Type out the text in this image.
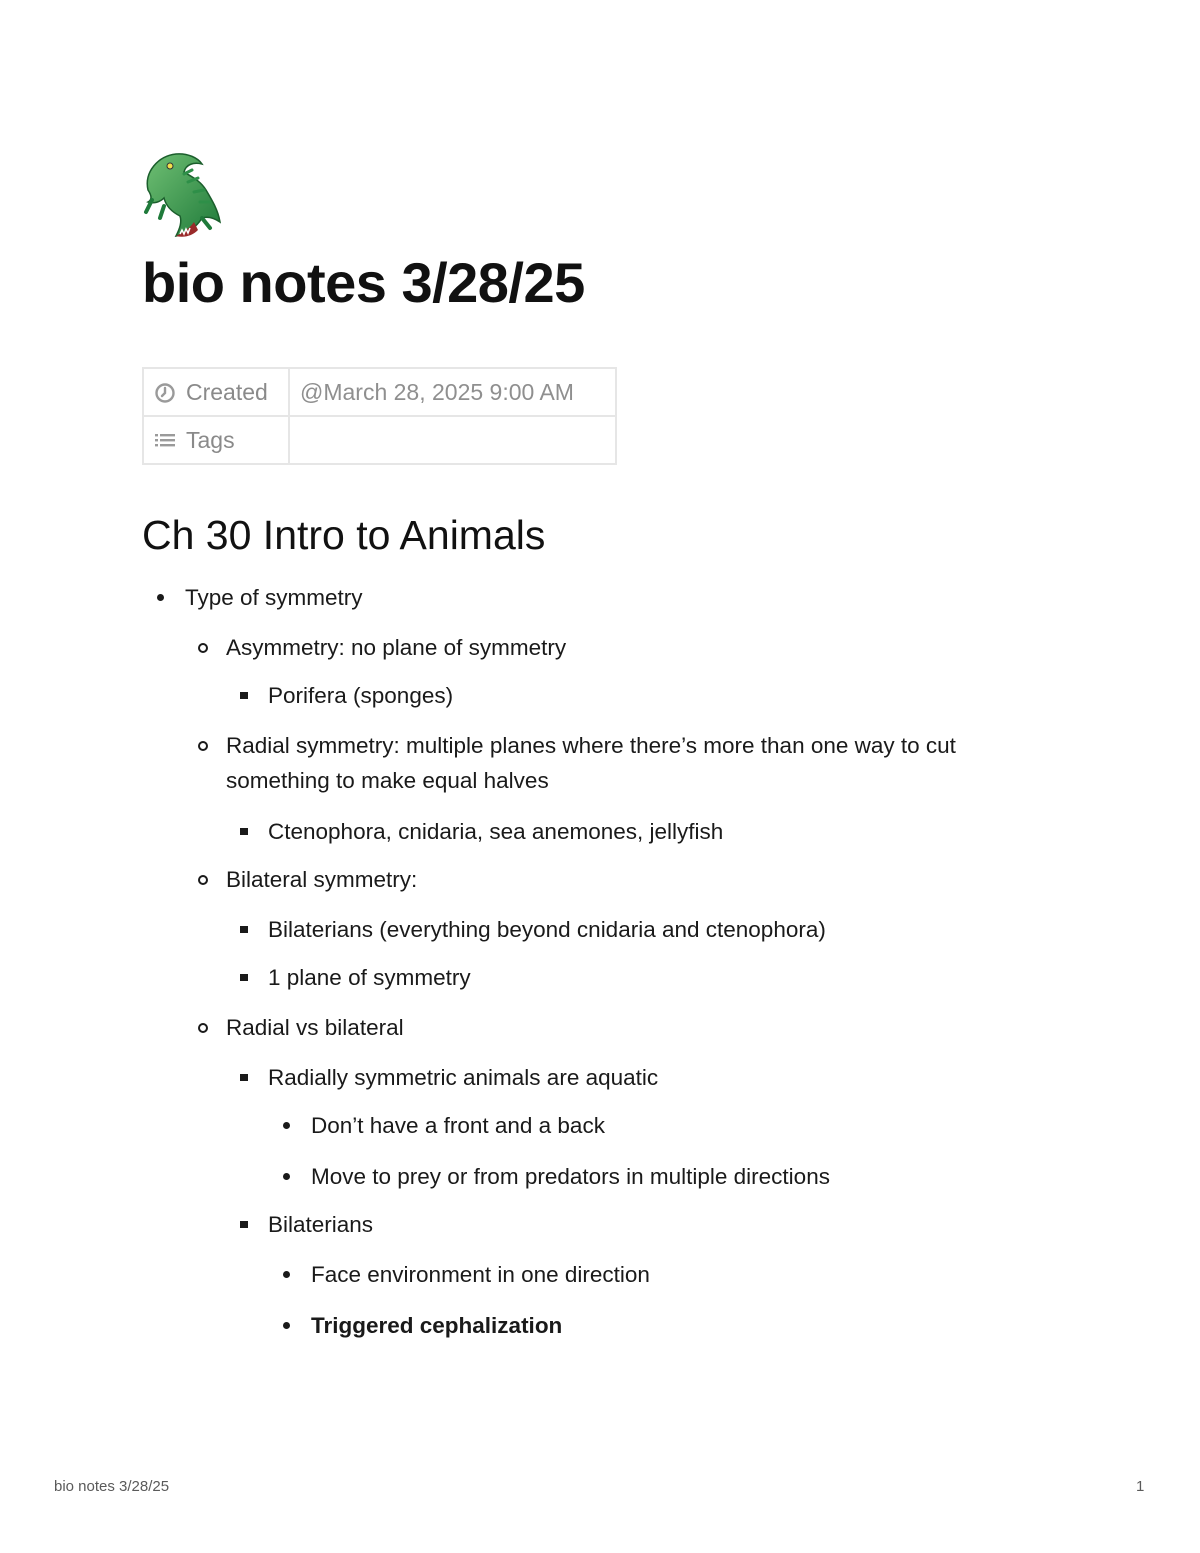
bio notes 3/28/25
Created	@March 28, 2025 9:00 AM

Tags	

Ch 30 Intro to Animals
Type of symmetry
Asymmetry: no plane of symmetry
Porifera (sponges)
Radial symmetry: multiple planes where there’s more than one way to cut something to make equal halves
Ctenophora, cnidaria, sea anemones, jellyfish
Bilateral symmetry:
Bilaterians (everything beyond cnidaria and ctenophora)
1 plane of symmetry
Radial vs bilateral
Radially symmetric animals are aquatic
Don’t have a front and a back
Move to prey or from predators in multiple directions
Bilaterians
Face environment in one direction
Triggered cephalization
bio notes 3/28/25	1
